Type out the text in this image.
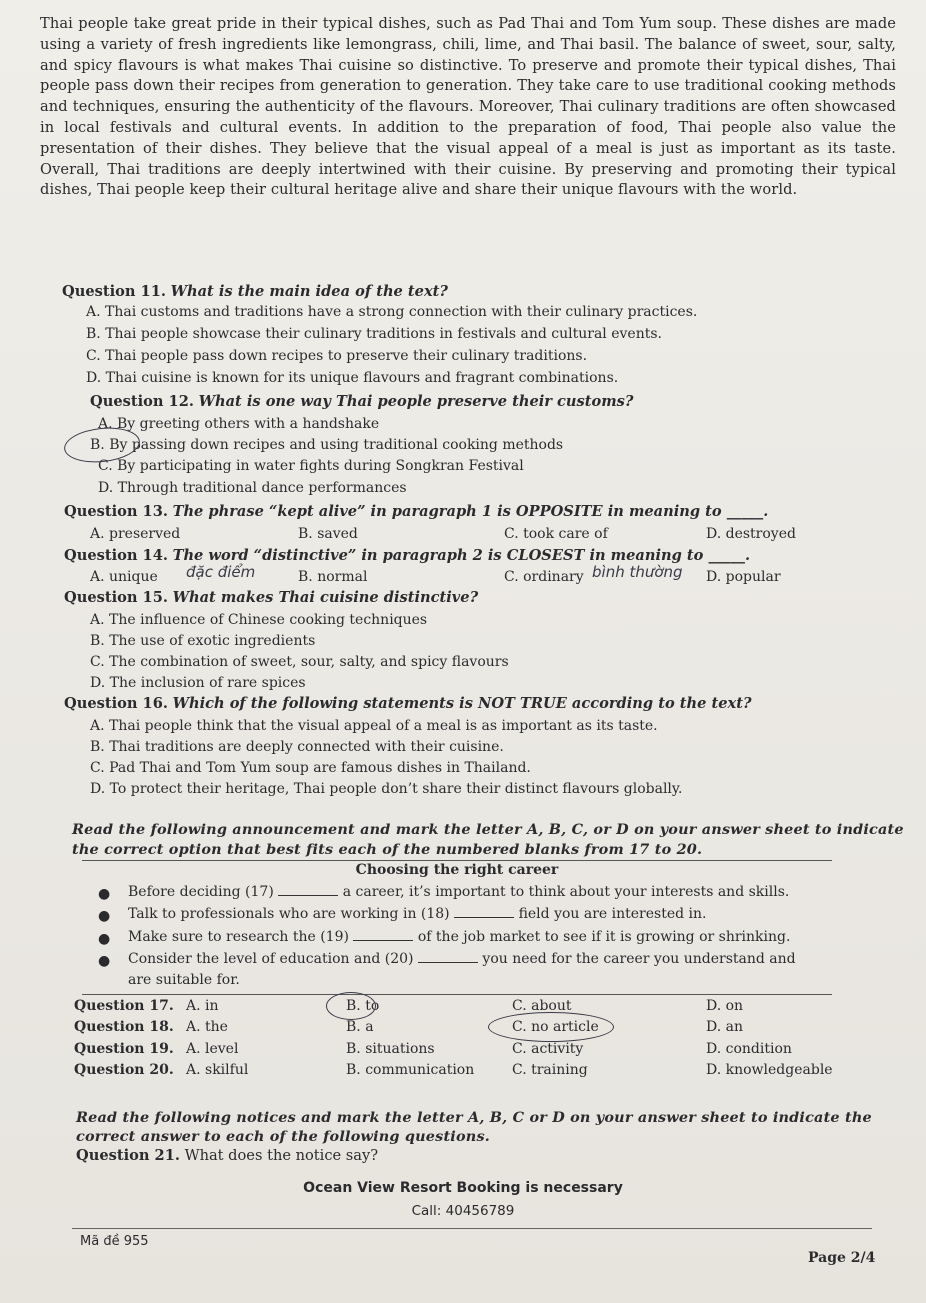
Thai people take great pride in their typical dishes, such as Pad Thai and Tom Yum soup. These dishes are made using a variety of fresh ingredients like lemongrass, chili, lime, and Thai basil. The balance of sweet, sour, salty, and spicy flavours is what makes Thai cuisine so distinctive. To preserve and promote their typical dishes, Thai people pass down their recipes from generation to generation. They take care to use traditional cooking methods and techniques, ensuring the authenticity of the flavours. Moreover, Thai culinary traditions are often showcased in local festivals and cultural events. In addition to the preparation of food, Thai people also value the presentation of their dishes. They believe that the visual appeal of a meal is just as important as its taste. Overall, Thai traditions are deeply intertwined with their cuisine. By preserving and promoting their typical dishes, Thai people keep their cultural heritage alive and share their unique flavours with the world.
Question 11. What is the main idea of the text?
A. Thai customs and traditions have a strong connection with their culinary practices.
B. Thai people showcase their culinary traditions in festivals and cultural events.
C. Thai people pass down recipes to preserve their culinary traditions.
D. Thai cuisine is known for its unique flavours and fragrant combinations.
Question 12. What is one way Thai people preserve their customs?
A. By greeting others with a handshake
B. By passing down recipes and using traditional cooking methods
C. By participating in water fights during Songkran Festival
D. Through traditional dance performances
Question 13. The phrase “kept alive” in paragraph 1 is OPPOSITE in meaning to _____.
A. preserved	B. saved	C. took care of	D. destroyed
Question 14. The word “distinctive” in paragraph 2 is CLOSEST in meaning to _____.
A. unique	B. normal	C. ordinary	D. popular
đặc điểm	bình thường
Question 15. What makes Thai cuisine distinctive?
A. The influence of Chinese cooking techniques
B. The use of exotic ingredients
C. The combination of sweet, sour, salty, and spicy flavours
D. The inclusion of rare spices
Question 16. Which of the following statements is NOT TRUE according to the text?
A. Thai people think that the visual appeal of a meal is as important as its taste.
B. Thai traditions are deeply connected with their cuisine.
C. Pad Thai and Tom Yum soup are famous dishes in Thailand.
D. To protect their heritage, Thai people don’t share their distinct flavours globally.
Read the following announcement and mark the letter A, B, C, or D on your answer sheet to indicate
the correct option that best fits each of the numbered blanks from 17 to 20.
Choosing the right career
● Before deciding (17)	a career, it’s important to think about your interests and skills.
● Talk to professionals who are working in (18)	field you are interested in.
● Make sure to research the (19)	of the job market to see if it is growing or shrinking.
● Consider the level of education and (20)	you need for the career you understand and
are suitable for.
Question 17. A. in	B. to	C. about	D. on
Question 18. A. the	B. a	C. no article	D. an
Question 19. A. level	B. situations	C. activity	D. condition
Question 20. A. skilful	B. communication	C. training	D. knowledgeable
Read the following notices and mark the letter A, B, C or D on your answer sheet to indicate the
correct answer to each of the following questions.
Question 21. What does the notice say?
Ocean View Resort Booking is necessary
Call: 40456789
Mã đề 955
Page 2/4
